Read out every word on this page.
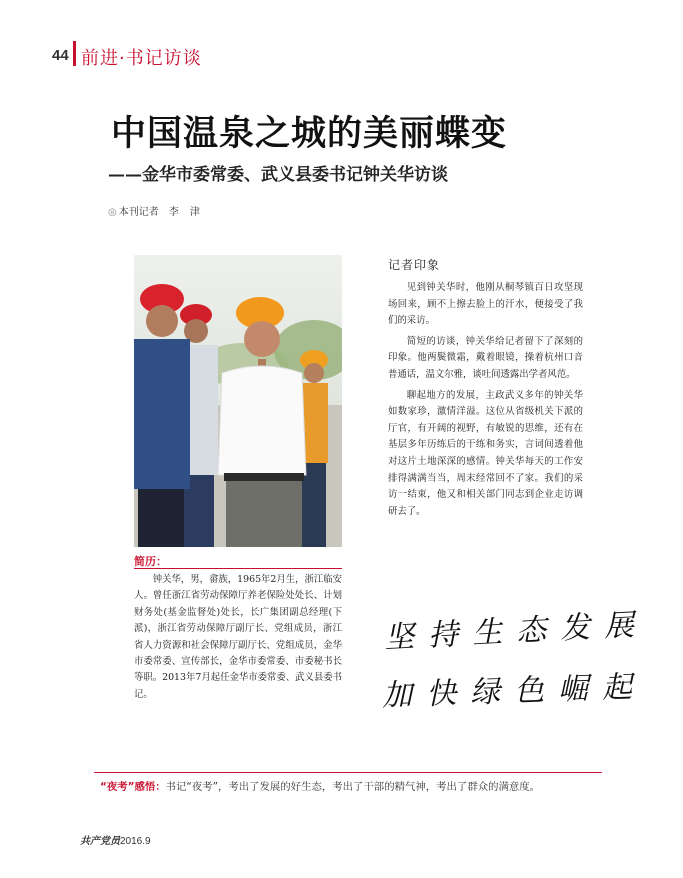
44 前进·书记访谈
中国温泉之城的美丽蝶变
——金华市委常委、武义县委书记钟关华访谈
◎ 本刊记者 李 津
简历：

钟关华，男，畲族，1965年2月生，浙江临安人。曾任浙江省劳动保障厅养老保险处处长、计划财务处(基金监督处)处长，长广集团副总经理(下派)，浙江省劳动保障厅副厅长、党组成员，浙江省人力资源和社会保障厅副厅长、党组成员，金华市委常委、宣传部长，金华市委常委、市委秘书长等职。2013年7月起任金华市委常委、武义县委书记。

记者印象

见到钟关华时，他刚从桐琴镇百日攻坚现场回来，顾不上擦去脸上的汗水，便接受了我们的采访。

简短的访谈，钟关华给记者留下了深刻的印象。他两鬓微霜，戴着眼镜，操着杭州口音普通话，温文尔雅，谈吐间透露出学者风范。

聊起地方的发展，主政武义多年的钟关华如数家珍，激情洋溢。这位从省级机关下派的厅官，有开阔的视野，有敏锐的思维，还有在基层多年历练后的干练和务实，言词间透着他对这片土地深深的感情。钟关华每天的工作安排得满满当当，周末经常回不了家。我们的采访一结束，他又和相关部门同志到企业走访调研去了。

坚持生态发展
加快绿色崛起
“夜考”感悟：书记“夜考”，考出了发展的好生态，考出了干部的精气神，考出了群众的满意度。
共产党员2016.9
